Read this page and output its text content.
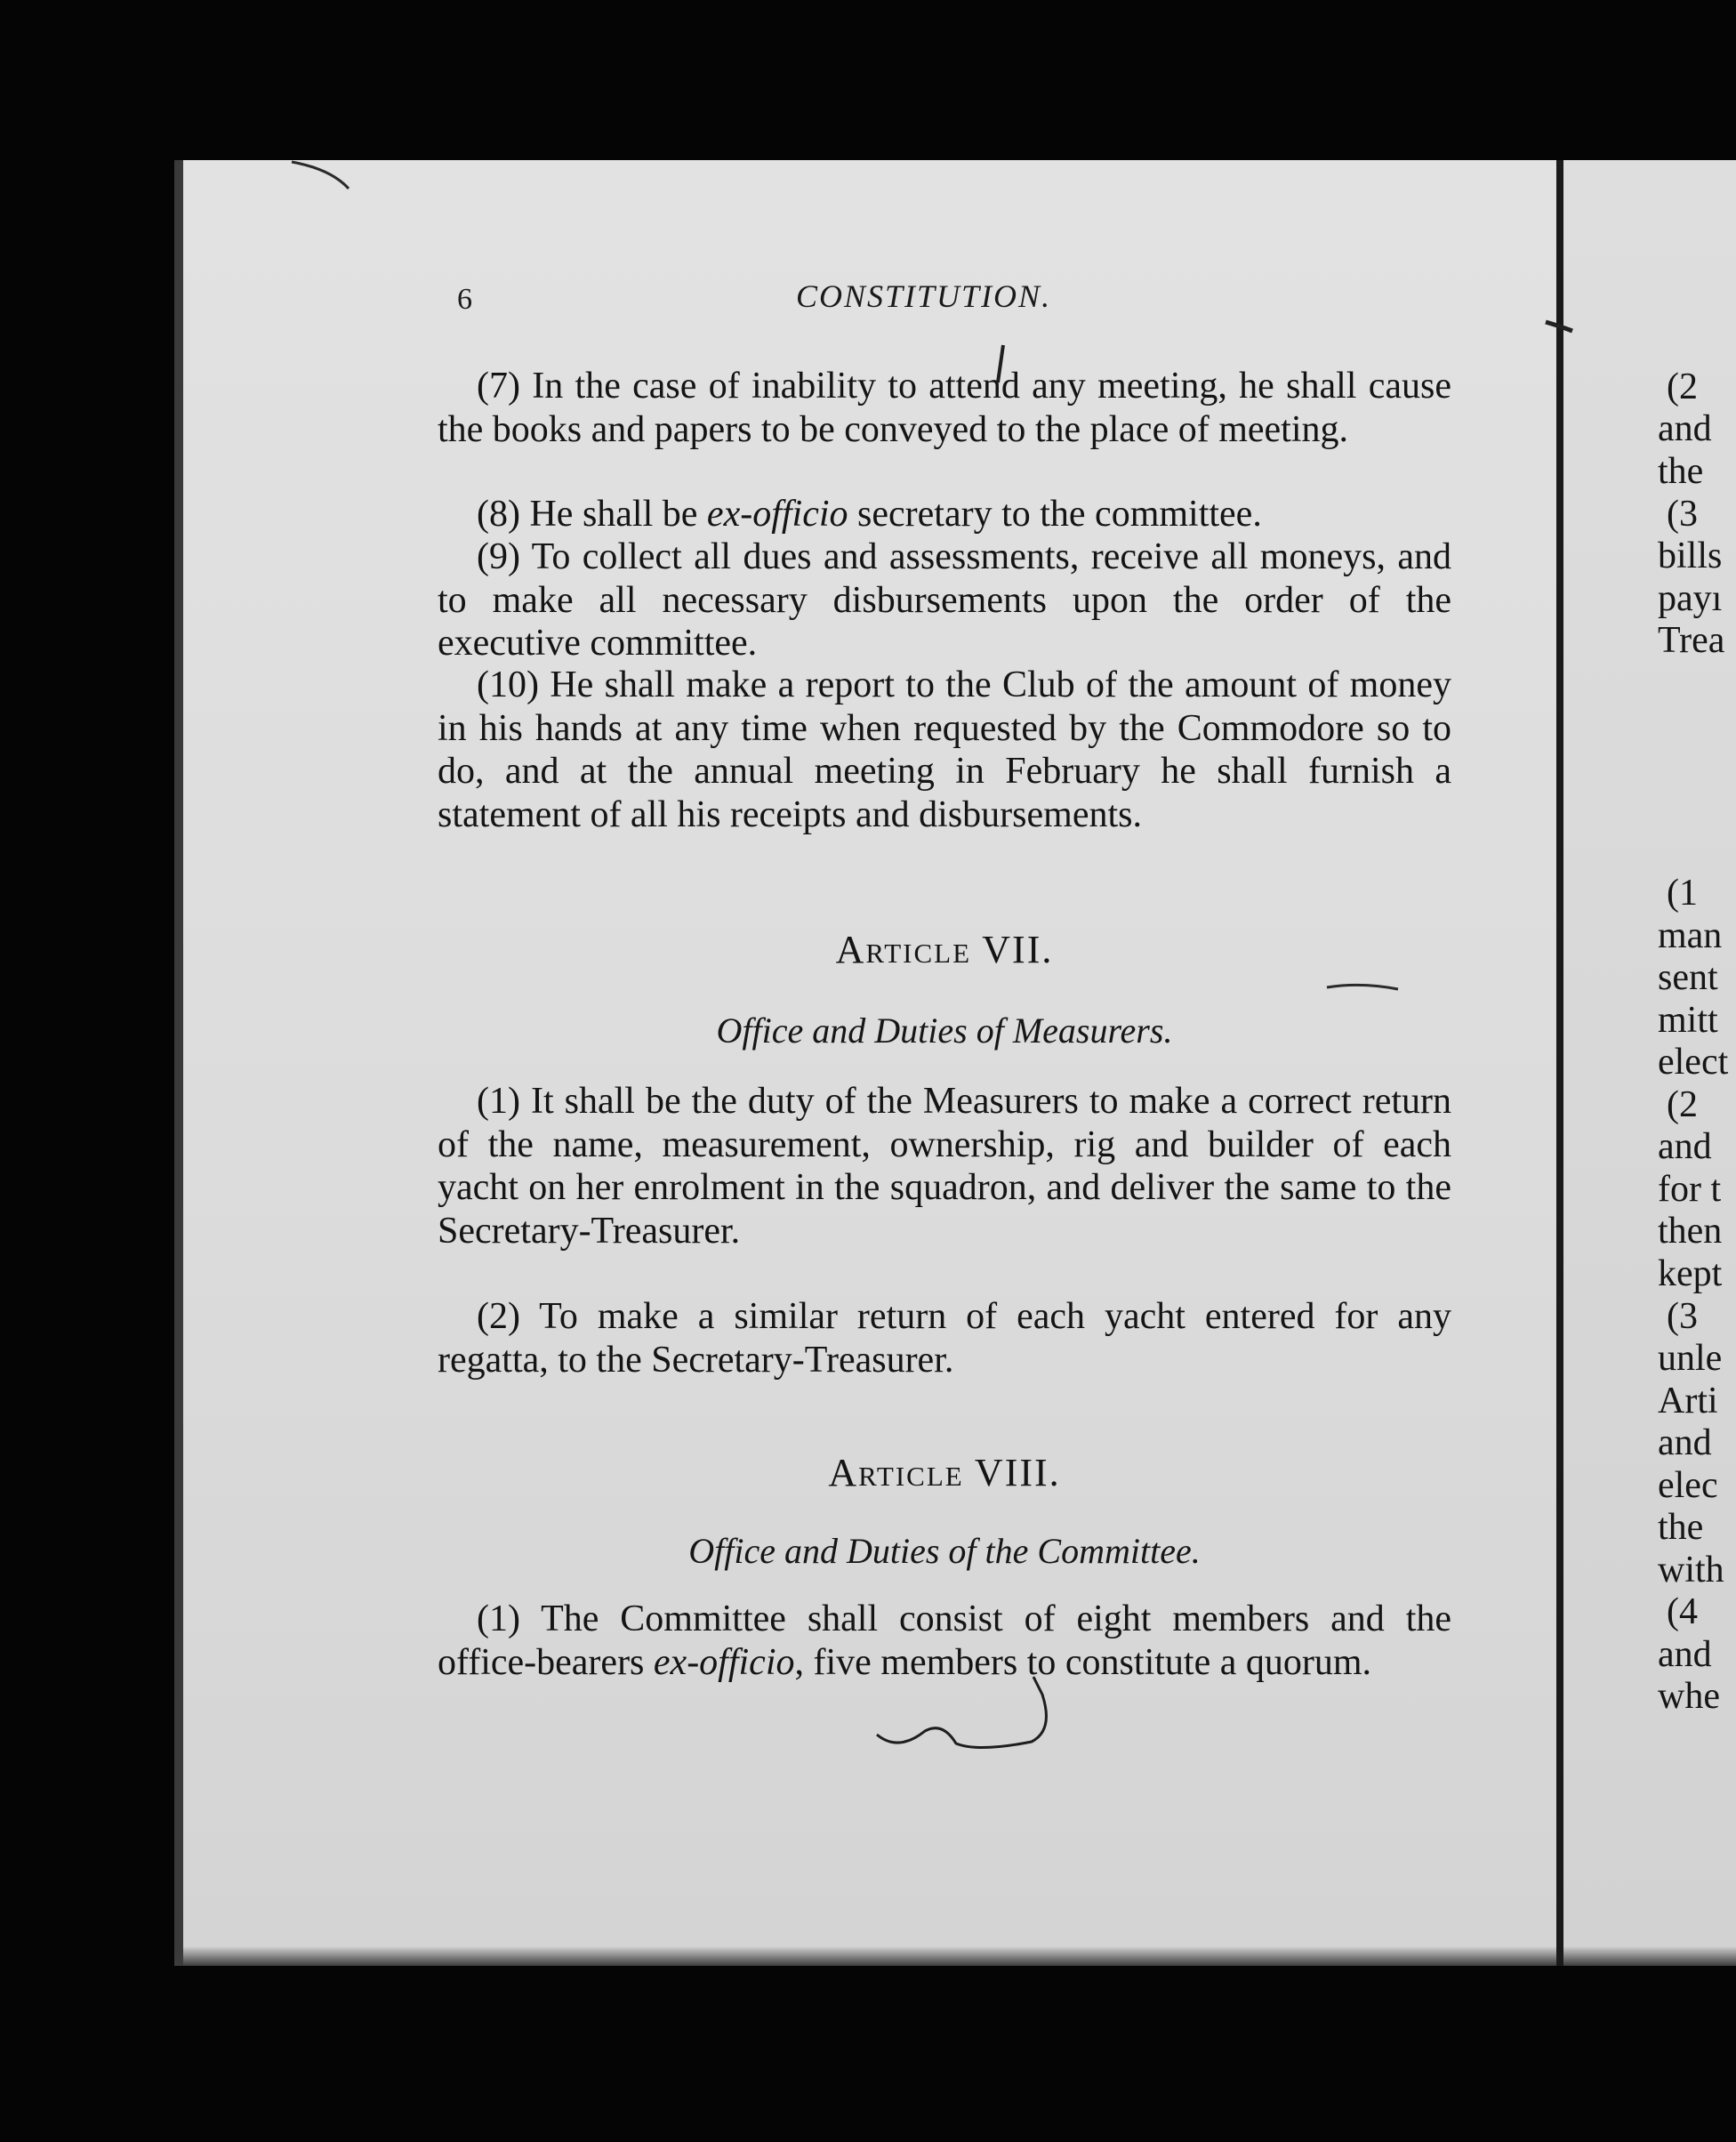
(2
and
the
(3
bills
payı
Trea
(1
man
sent
mitt
elect
(2
and
for t
then
kept
(3
unle
Arti
and
elec
the
with
(4
and
whe
6	CONSTITUTION.

(7) In the case of inability to attend any meeting, he shall cause the books and papers to be conveyed to the place of meeting.

(8) He shall be ex-officio secretary to the committee.

(9) To collect all dues and assessments, receive all moneys, and to make all necessary disbursements upon the order of the executive committee.

(10) He shall make a report to the Club of the amount of money in his hands at any time when requested by the Commodore so to do, and at the annual meeting in February he shall furnish a statement of all his receipts and disbursements.

Article VII.
Office and Duties of Measurers.

(1) It shall be the duty of the Measurers to make a correct return of the name, measurement, ownership, rig and builder of each yacht on her enrolment in the squadron, and deliver the same to the Secretary-Treasurer.

(2) To make a similar return of each yacht entered for any regatta, to the Secretary-Treasurer.

Article VIII.
Office and Duties of the Committee.

(1) The Committee shall consist of eight members and the office-bearers ex-officio, five members to constitute a quorum.
